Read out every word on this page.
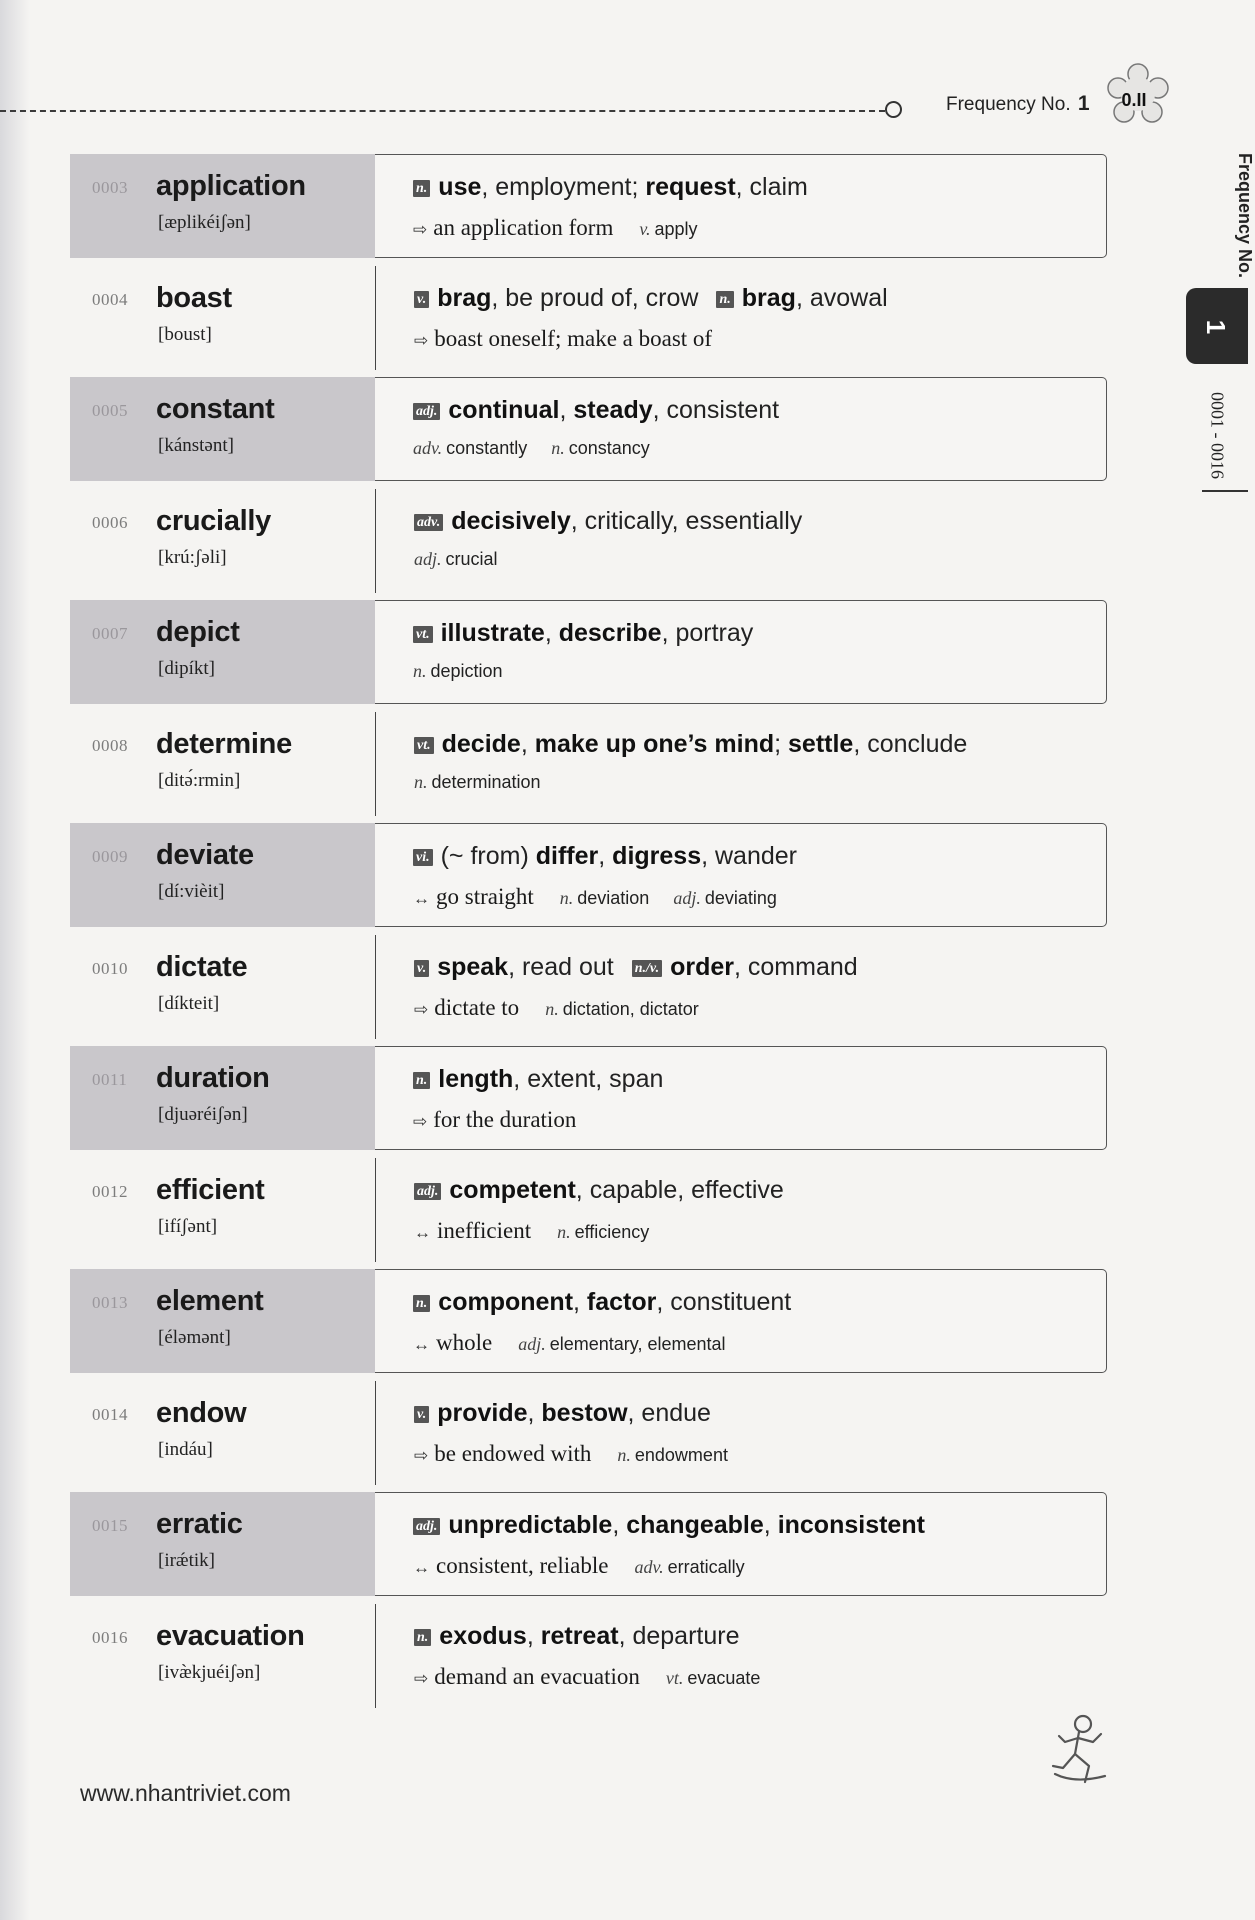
Frequency No. 1	0.II
Frequency No.
1
0001 - 0016
0003 application
[æplikéiʃən]
n. use, employment; request, claim
⇨ an application form v. apply
0004 boast
[boust]
v. brag, be proud of, crow n. brag, avowal
⇨ boast oneself; make a boast of
0005 constant
[kánstənt]
adj. continual, steady, consistent
adv. constantly n. constancy
0006 crucially
[krú:ʃəli]
adv. decisively, critically, essentially
adj. crucial
0007 depict
[dipíkt]
vt. illustrate, describe, portray
n. depiction
0008 determine
[ditə́:rmin]
vt. decide, make up one’s mind; settle, conclude
n. determination
0009 deviate
[dí:vièit]
vi. (~ from) differ, digress, wander
↔ go straight n. deviation adj. deviating
0010 dictate
[díkteit]
v. speak, read out n./v. order, command
⇨ dictate to n. dictation, dictator
0011 duration
[djuəréiʃən]
n. length, extent, span
⇨ for the duration
0012 efficient
[ifíʃənt]
adj. competent, capable, effective
↔ inefficient n. efficiency
0013 element
[éləmənt]
n. component, factor, constituent
↔ whole adj. elementary, elemental
0014 endow
[indáu]
v. provide, bestow, endue
⇨ be endowed with n. endowment
0015 erratic
[irǽtik]
adj. unpredictable, changeable, inconsistent
↔ consistent, reliable adv. erratically
0016 evacuation
[ivæ̀kjuéiʃən]
n. exodus, retreat, departure
⇨ demand an evacuation vt. evacuate
www.nhantriviet.com
